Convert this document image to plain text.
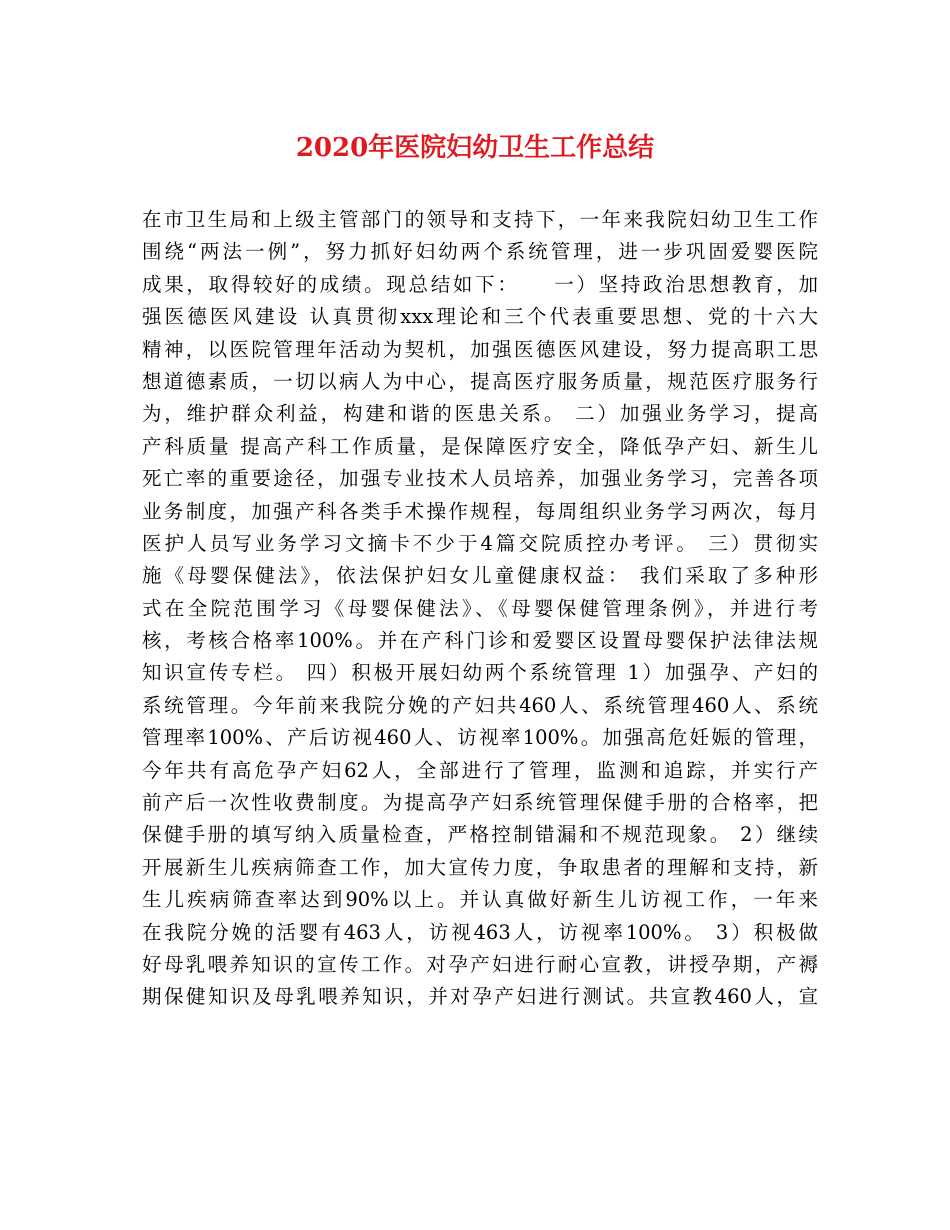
2020年医院妇幼卫生工作总结
在市卫生局和上级主管部门的领导和支持下，一年来我院妇幼卫生工作
围绕“两法一例”，努力抓好妇幼两个系统管理，进一步巩固爱婴医院
成果，取得较好的成绩。现总结如下：　　一）坚持政治思想教育，加
强医德医风建设 认真贯彻xxx理论和三个代表重要思想、党的十六大
精神，以医院管理年活动为契机，加强医德医风建设，努力提高职工思
想道德素质，一切以病人为中心，提高医疗服务质量，规范医疗服务行
为，维护群众利益，构建和谐的医患关系。 二）加强业务学习，提高
产科质量 提高产科工作质量，是保障医疗安全，降低孕产妇、新生儿
死亡率的重要途径，加强专业技术人员培养，加强业务学习，完善各项
业务制度，加强产科各类手术操作规程，每周组织业务学习两次，每月
医护人员写业务学习文摘卡不少于4篇交院质控办考评。 三）贯彻实
施《母婴保健法》，依法保护妇女儿童健康权益： 我们采取了多种形
式在全院范围学习《母婴保健法》、《母婴保健管理条例》，并进行考
核，考核合格率100%。并在产科门诊和爱婴区设置母婴保护法律法规
知识宣传专栏。 四）积极开展妇幼两个系统管理 1）加强孕、产妇的
系统管理。今年前来我院分娩的产妇共460人、系统管理460人、系统
管理率100%、产后访视460人、访视率100%。加强高危妊娠的管理，
今年共有高危孕产妇62人，全部进行了管理，监测和追踪，并实行产
前产后一次性收费制度。为提高孕产妇系统管理保健手册的合格率，把
保健手册的填写纳入质量检查，严格控制错漏和不规范现象。 2）继续
开展新生儿疾病筛查工作，加大宣传力度，争取患者的理解和支持，新
生儿疾病筛查率达到90%以上。并认真做好新生儿访视工作，一年来
在我院分娩的活婴有463人，访视463人，访视率100%。 3）积极做
好母乳喂养知识的宣传工作。对孕产妇进行耐心宣教，讲授孕期，产褥
期保健知识及母乳喂养知识，并对孕产妇进行测试。共宣教460人，宣
